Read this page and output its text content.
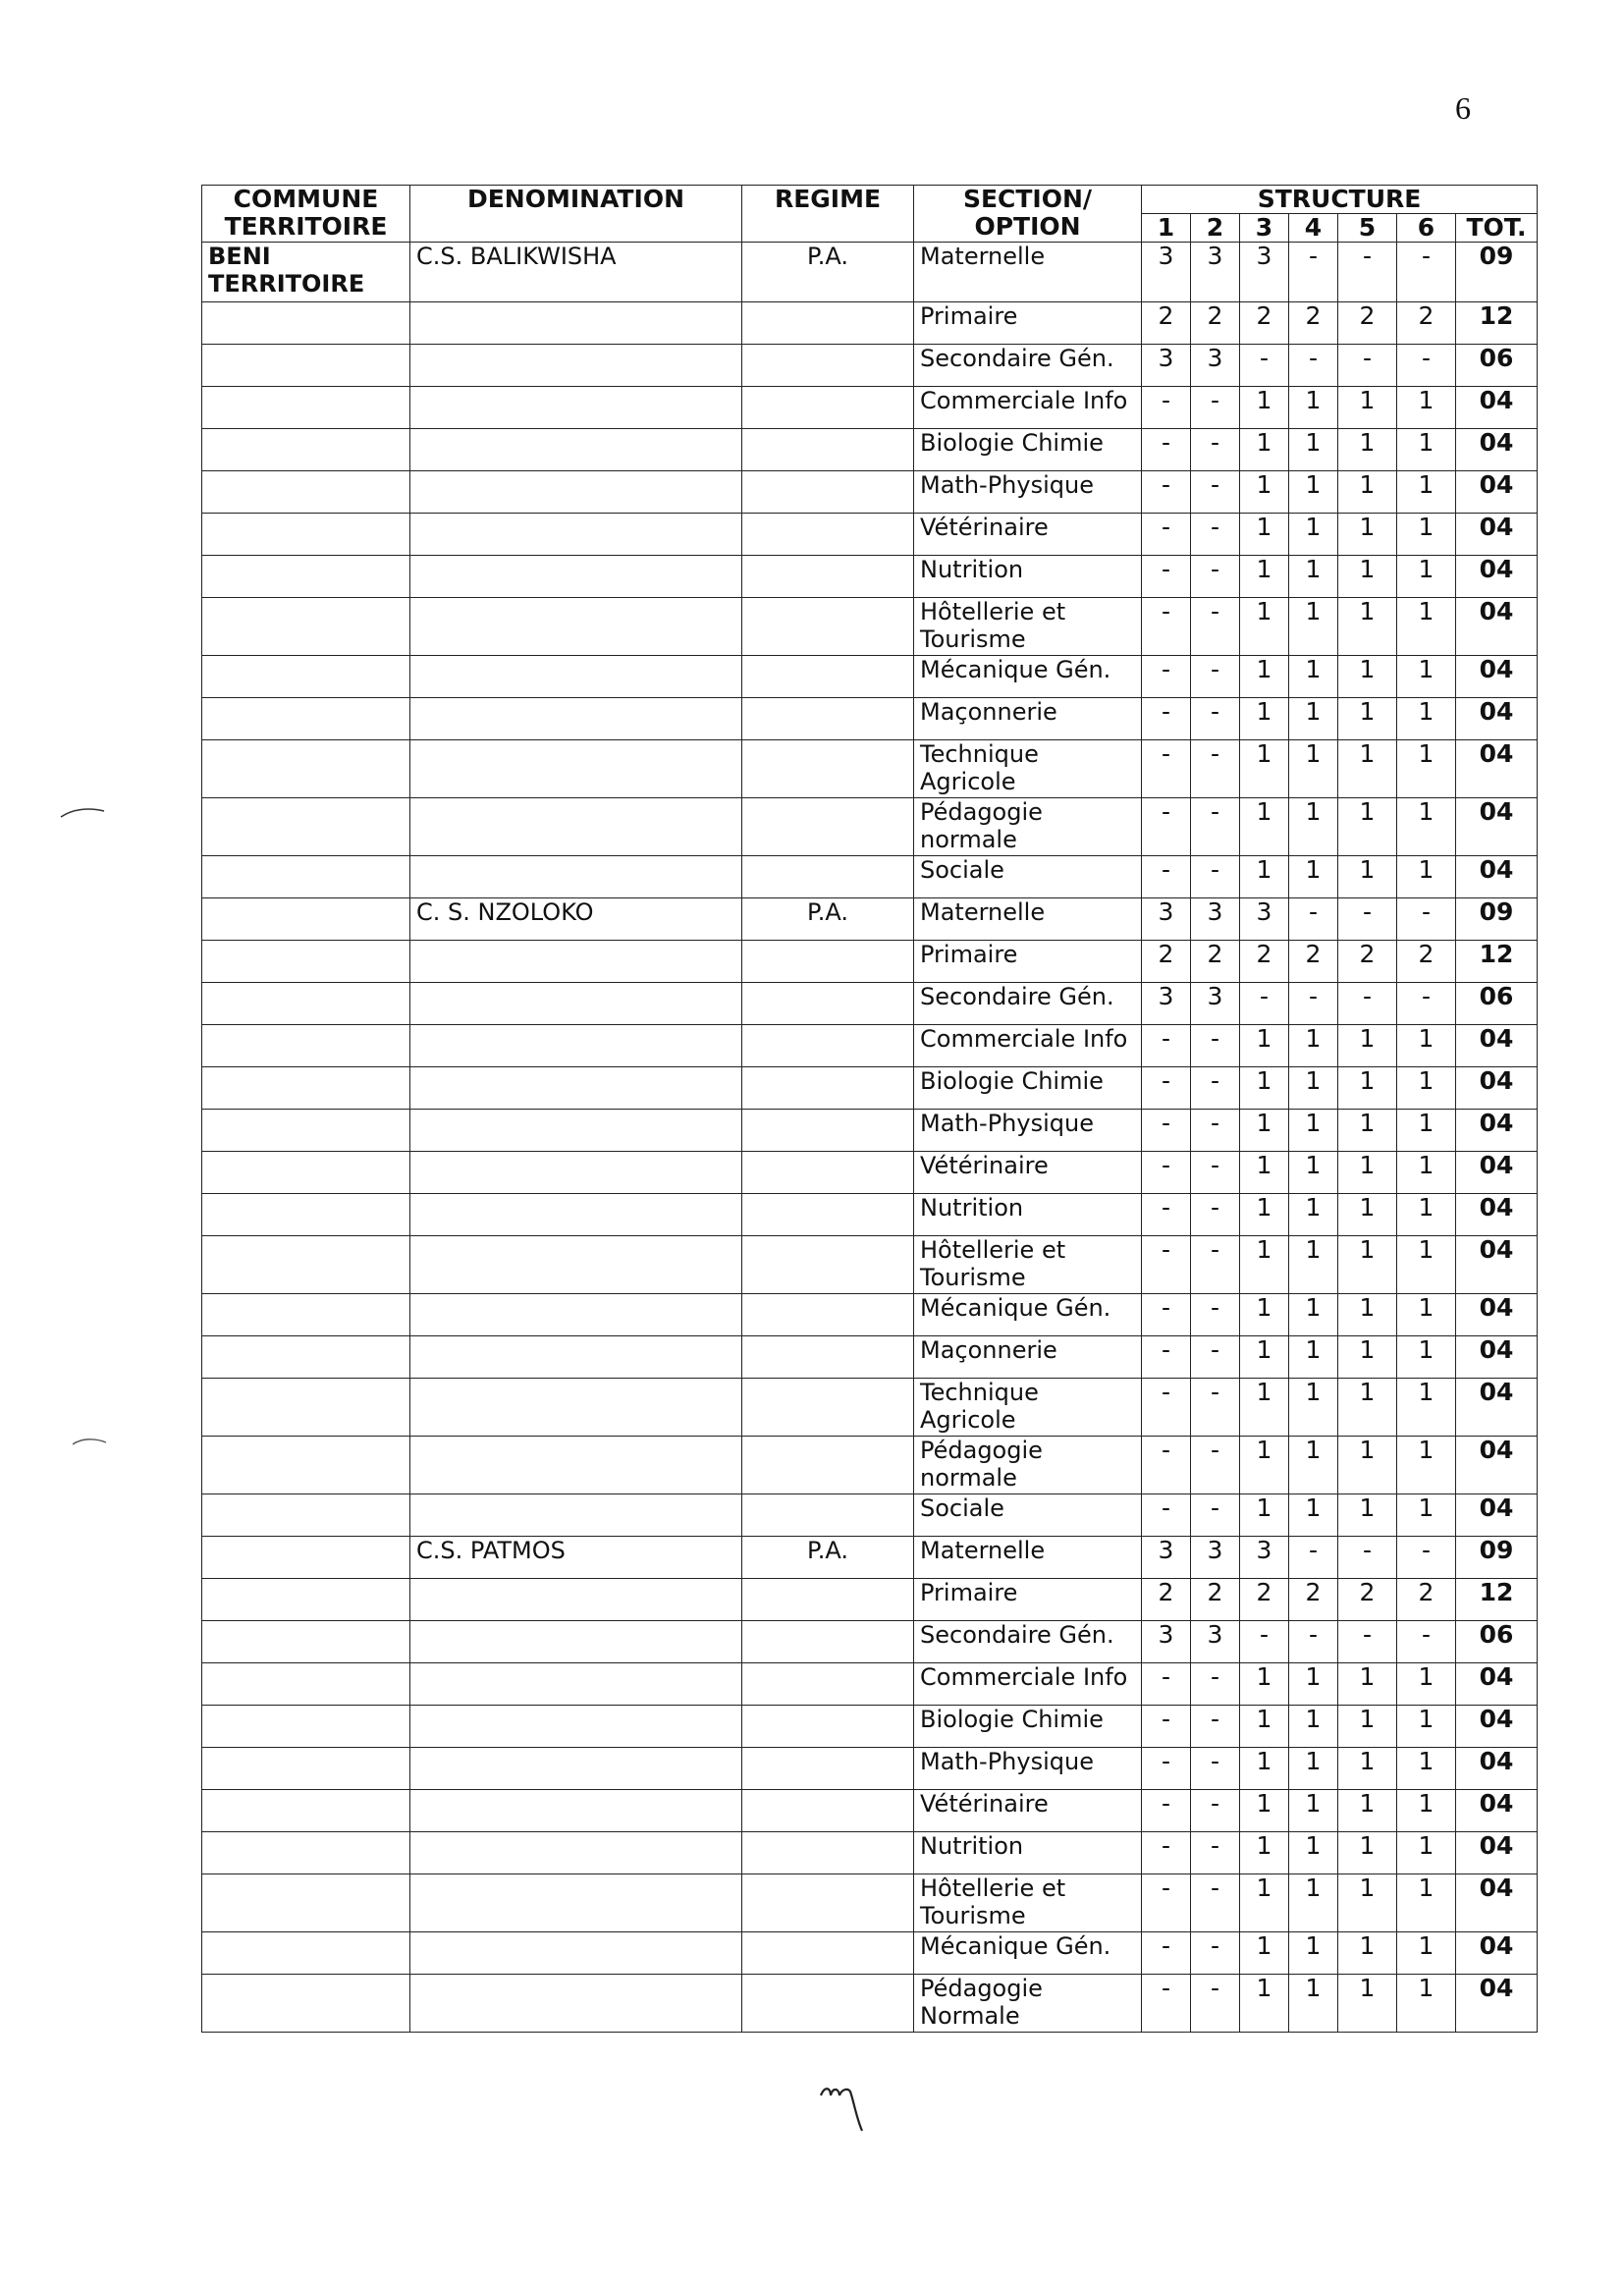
6
COMMUNE TERRITOIRE	DENOMINATION	REGIME	SECTION/ OPTION	STRUCTURE						
				1	2	3	4	5	6	TOT.
BENI TERRITOIRE	C.S. BALIKWISHA	P.A.	Maternelle	3	3	3	-	-	-	09
			Primaire	2	2	2	2	2	2	12
			Secondaire Gén.	3	3	-	-	-	-	06
			Commerciale Info	-	-	1	1	1	1	04
			Biologie Chimie	-	-	1	1	1	1	04
			Math-Physique	-	-	1	1	1	1	04
			Vétérinaire	-	-	1	1	1	1	04
			Nutrition	-	-	1	1	1	1	04
			Hôtellerie et Tourisme	-	-	1	1	1	1	04
			Mécanique Gén.	-	-	1	1	1	1	04
			Maçonnerie	-	-	1	1	1	1	04
			Technique Agricole	-	-	1	1	1	1	04
			Pédagogie normale	-	-	1	1	1	1	04
			Sociale	-	-	1	1	1	1	04
	C. S. NZOLOKO	P.A.	Maternelle	3	3	3	-	-	-	09
			Primaire	2	2	2	2	2	2	12
			Secondaire Gén.	3	3	-	-	-	-	06
			Commerciale Info	-	-	1	1	1	1	04
			Biologie Chimie	-	-	1	1	1	1	04
			Math-Physique	-	-	1	1	1	1	04
			Vétérinaire	-	-	1	1	1	1	04
			Nutrition	-	-	1	1	1	1	04
			Hôtellerie et Tourisme	-	-	1	1	1	1	04
			Mécanique Gén.	-	-	1	1	1	1	04
			Maçonnerie	-	-	1	1	1	1	04
			Technique Agricole	-	-	1	1	1	1	04
			Pédagogie normale	-	-	1	1	1	1	04
			Sociale	-	-	1	1	1	1	04
	C.S. PATMOS	P.A.	Maternelle	3	3	3	-	-	-	09
			Primaire	2	2	2	2	2	2	12
			Secondaire Gén.	3	3	-	-	-	-	06
			Commerciale Info	-	-	1	1	1	1	04
			Biologie Chimie	-	-	1	1	1	1	04
			Math-Physique	-	-	1	1	1	1	04
			Vétérinaire	-	-	1	1	1	1	04
			Nutrition	-	-	1	1	1	1	04
			Hôtellerie et Tourisme	-	-	1	1	1	1	04
			Mécanique Gén.	-	-	1	1	1	1	04
			Pédagogie Normale	-	-	1	1	1	1	04
